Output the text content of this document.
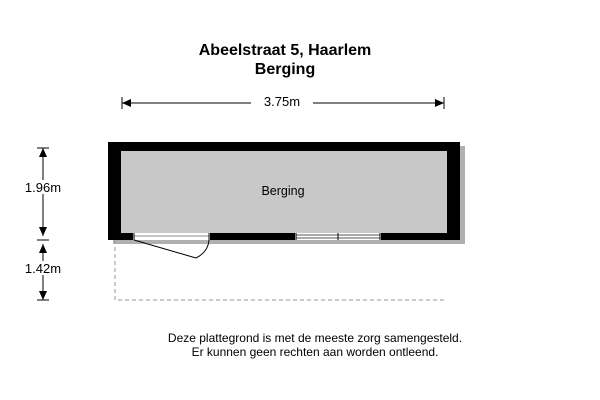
Abeelstraat 5, Haarlem
Berging
Berging
3.75m
1.96m
1.42m
Deze plattegrond is met de meeste zorg samengesteld.
Er kunnen geen rechten aan worden ontleend.
